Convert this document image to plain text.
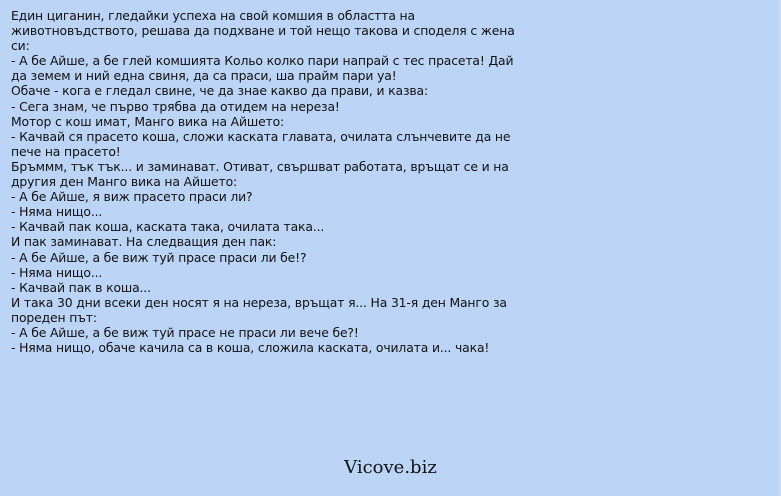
Един циганин, гледайки успеха на свой комшия в областта на
животновъдството, решава да подхване и той нещо такова и споделя с жена
си:
- А бе Айше, а бе глей комшията Кольо колко пари напрай с тес прасета! Дай
да земем и ний една свиня, да са праси, ша прайм пари уа!
Обаче - кога е гледал свине, че да знае какво да прави, и казва:
- Сега знам, че първо трябва да отидем на нереза!
Мотор с кош имат, Манго вика на Айшето:
- Качвай ся прасето коша, сложи каската главата, очилата слънчевите да не
пече на прасето!
Бръммм, тък тък... и заминават. Отиват, свършват работата, връщат се и на
другия ден Манго вика на Айшето:
- А бе Айше, я виж прасето праси ли?
- Няма нищо...
- Качвай пак коша, каската така, очилата така...
И пак заминават. На следващия ден пак:
- А бе Айше, а бе виж туй прасе праси ли бе!?
- Няма нищо...
- Качвай пак в коша...
И така 30 дни всеки ден носят я на нереза, връщат я... На 31-я ден Манго за
пореден път:
- А бе Айше, а бе виж туй прасе не праси ли вече бе?!
- Няма нищо, обаче качила са в коша, сложила каската, очилата и... чака!
Vicove.biz
